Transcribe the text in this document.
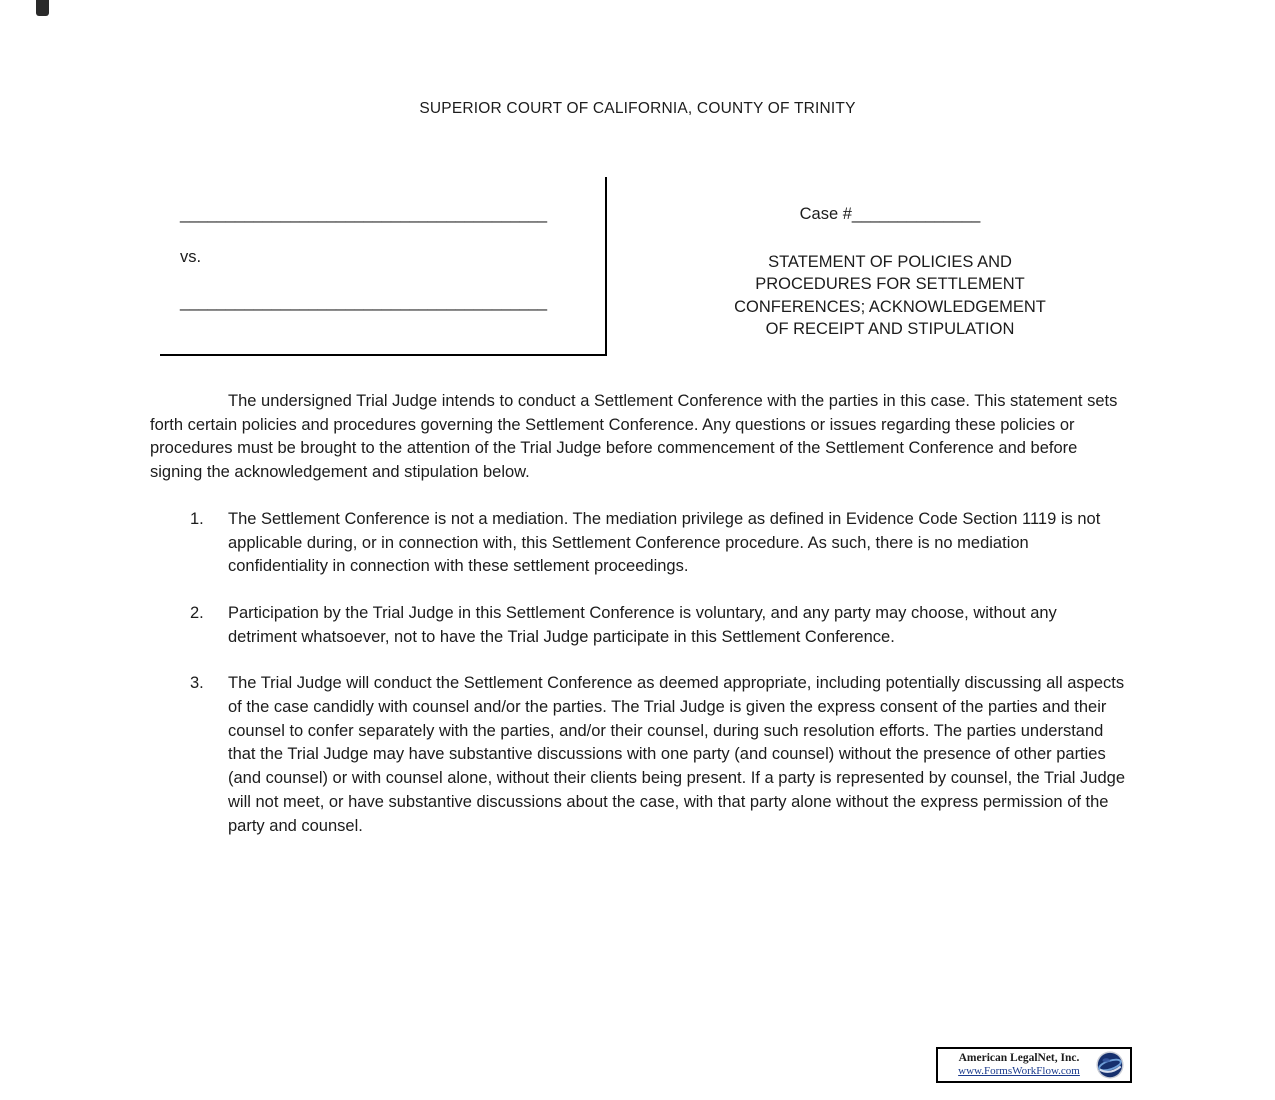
SUPERIOR COURT OF CALIFORNIA, COUNTY OF TRINITY
________________________________________
vs.
________________________________________
Case #______________
STATEMENT OF POLICIES AND
PROCEDURES FOR SETTLEMENT
CONFERENCES; ACKNOWLEDGEMENT
OF RECEIPT AND STIPULATION

The undersigned Trial Judge intends to conduct a Settlement Conference with the parties in this case. This statement sets forth certain policies and procedures governing the Settlement Conference. Any questions or issues regarding these policies or procedures must be brought to the attention of the Trial Judge before commencement of the Settlement Conference and before signing the acknowledgement and stipulation below.

1.	The Settlement Conference is not a mediation. The mediation privilege as defined in Evidence Code Section 1119 is not applicable during, or in connection with, this Settlement Conference procedure. As such, there is no mediation confidentiality in connection with these settlement proceedings.
2.	Participation by the Trial Judge in this Settlement Conference is voluntary, and any party may choose, without any detriment whatsoever, not to have the Trial Judge participate in this Settlement Conference.
3.	The Trial Judge will conduct the Settlement Conference as deemed appropriate, including potentially discussing all aspects of the case candidly with counsel and/or the parties. The Trial Judge is given the express consent of the parties and their counsel to confer separately with the parties, and/or their counsel, during such resolution efforts. The parties understand that the Trial Judge may have substantive discussions with one party (and counsel) without the presence of other parties (and counsel) or with counsel alone, without their clients being present. If a party is represented by counsel, the Trial Judge will not meet, or have substantive discussions about the case, with that party alone without the express permission of the party and counsel.
American LegalNet, Inc.
www.FormsWorkFlow.com
